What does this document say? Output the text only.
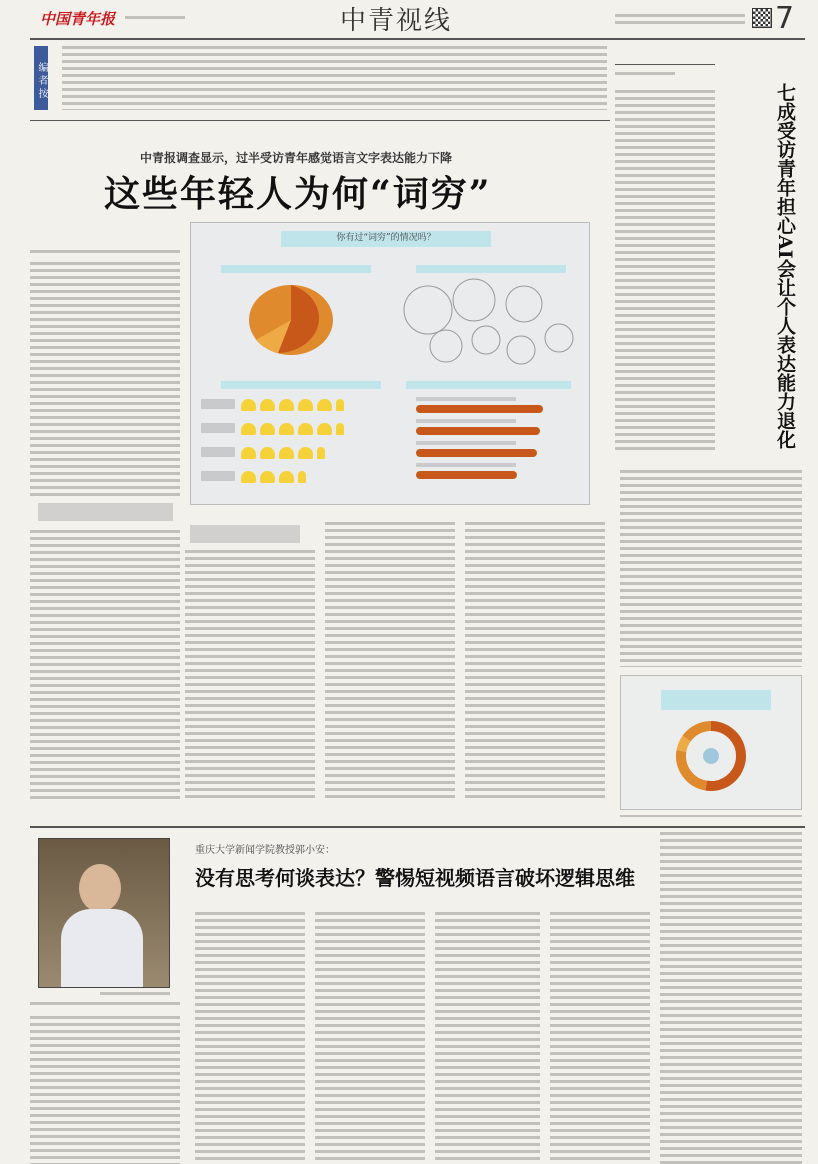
中国青年报	中青视线	7
编者按
中青报调查显示，过半受访青年感觉语言文字表达能力下降
这些年轻人为何“词穷”	七成受访青年担心AI会让个人表达能力退化
你有过“词穷”的情况吗？
重庆大学新闻学院教授郭小安：
没有思考何谈表达？警惕短视频语言破坏逻辑思维
